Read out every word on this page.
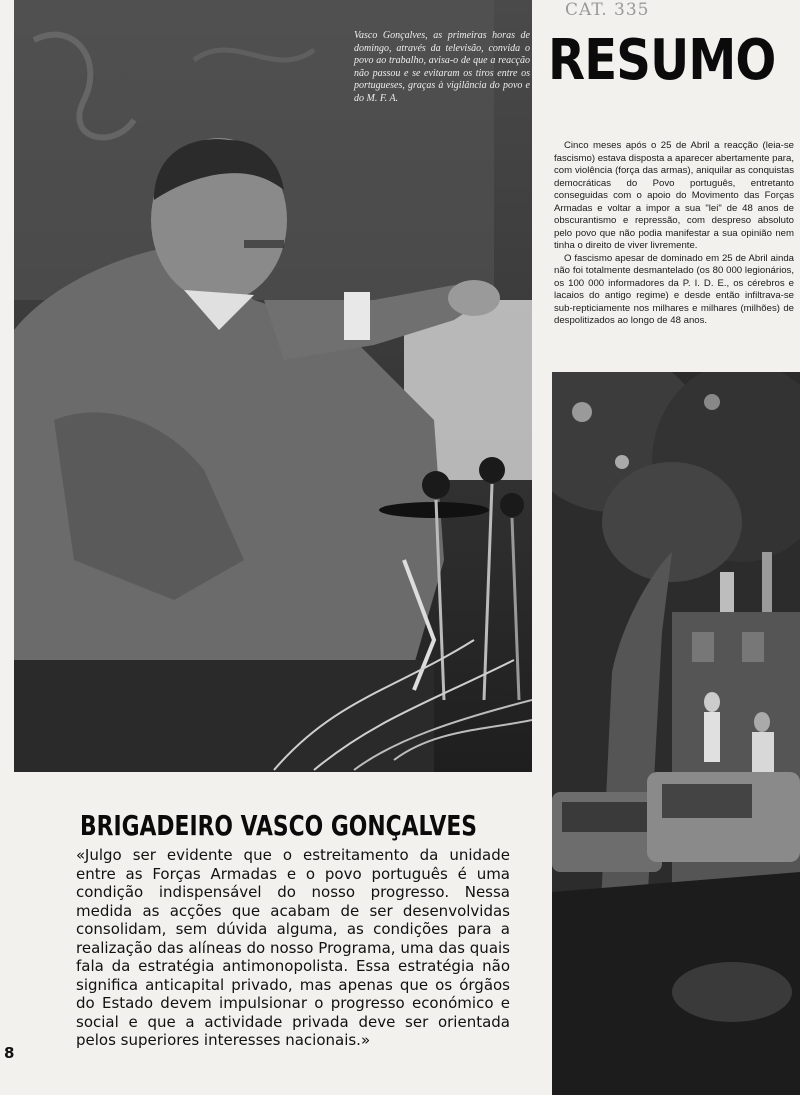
Vasco Gonçalves, as primeiras horas de domingo, através da televisão, convida o povo ao trabalho, avisa-o de que a reacção não passou e se evitaram os tiros entre os portugueses, graças à vigilância do povo e do M. F. A.
CAT. 335
RESUMO

Cinco meses após o 25 de Abril a reacção (leia-se fascismo) estava disposta a aparecer abertamente para, com violência (força das armas), aniquilar as conquistas democráticas do Povo português, entretanto conseguidas com o apoio do Movimento das Forças Armadas e voltar a impor a sua "lei" de 48 anos de obscurantismo e repressão, com despreso absoluto pelo povo que não podia manifestar a sua opinião nem tinha o direito de viver livremente.

O fascismo apesar de dominado em 25 de Abril ainda não foi totalmente desmantelado (os 80 000 legionários, os 100 000 informadores da P. I. D. E., os cérebros e lacaios do antigo regime) e desde então infiltrava-se sub-repticiamente nos milhares e milhares (milhões) de despolitizados ao longo de 48 anos.

BRIGADEIRO VASCO GONÇALVES
«Julgo ser evidente que o estreitamento da unidade entre as Forças Armadas e o povo português é uma condição indispensável do nosso progresso. Nessa medida as acções que acabam de ser desenvolvidas consolidam, sem dúvida alguma, as condições para a realização das alíneas do nosso Programa, uma das quais fala da estratégia antimonopolista. Essa estratégia não significa anticapital privado, mas apenas que os órgãos do Estado devem impulsionar o progresso económico e social e que a actividade privada deve ser orientada pelos superiores interesses nacionais.»
8
